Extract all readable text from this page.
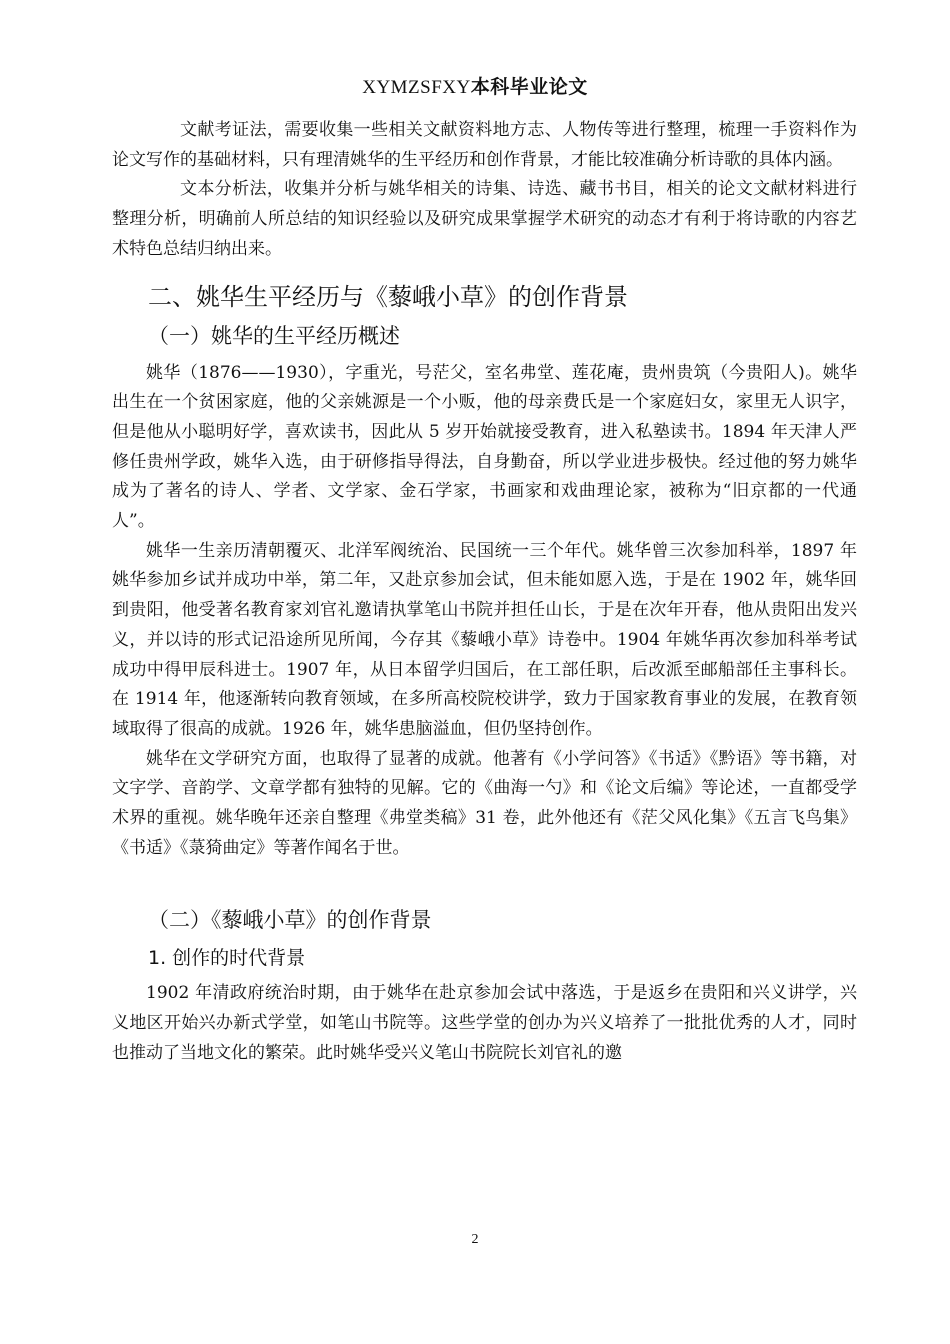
XYMZSFXY本科毕业论文

文献考证法，需要收集一些相关文献资料地方志、人物传等进行整理，梳理一手资料作为论文写作的基础材料，只有理清姚华的生平经历和创作背景，才能比较准确分析诗歌的具体内涵。

文本分析法，收集并分析与姚华相关的诗集、诗选、藏书书目，相关的论文文献材料进行整理分析，明确前人所总结的知识经验以及研究成果掌握学术研究的动态才有利于将诗歌的内容艺术特色总结归纳出来。

二、姚华生平经历与《藜峨小草》的创作背景
（一）姚华的生平经历概述

姚华（1876——1930），字重光，号茫父，室名弗堂、莲花庵，贵州贵筑（今贵阳人)。姚华出生在一个贫困家庭，他的父亲姚源是一个小贩，他的母亲费氏是一个家庭妇女，家里无人识字，但是他从小聪明好学，喜欢读书，因此从 5 岁开始就接受教育，进入私塾读书。1894 年天津人严修任贵州学政，姚华入选，由于研修指导得法，自身勤奋，所以学业进步极快。经过他的努力姚华成为了著名的诗人、学者、文学家、金石学家，书画家和戏曲理论家，被称为“旧京都的一代通人”。

姚华一生亲历清朝覆灭、北洋军阀统治、民国统一三个年代。姚华曾三次参加科举，1897 年姚华参加乡试并成功中举，第二年，又赴京参加会试，但未能如愿入选，于是在 1902 年，姚华回到贵阳，他受著名教育家刘官礼邀请执掌笔山书院并担任山长，于是在次年开春，他从贵阳出发兴义，并以诗的形式记沿途所见所闻，今存其《藜峨小草》诗卷中。1904 年姚华再次参加科举考试成功中得甲辰科进士。1907 年，从日本留学归国后，在工部任职，后改派至邮船部任主事科长。在 1914 年，他逐渐转向教育领域，在多所高校院校讲学，致力于国家教育事业的发展，在教育领域取得了很高的成就。1926 年，姚华患脑溢血，但仍坚持创作。

姚华在文学研究方面，也取得了显著的成就。他著有《小学问答》《书适》《黔语》等书籍，对文字学、音韵学、文章学都有独特的见解。它的《曲海一勺》和《论文后编》等论述，一直都受学术界的重视。姚华晚年还亲自整理《弗堂类稿》31 卷，此外他还有《茫父风化集》《五言飞鸟集》《书适》《菉猗曲定》等著作闻名于世。

（二）《藜峨小草》的创作背景
1. 创作的时代背景

1902 年清政府统治时期，由于姚华在赴京参加会试中落选，于是返乡在贵阳和兴义讲学，兴义地区开始兴办新式学堂，如笔山书院等。这些学堂的创办为兴义培养了一批批优秀的人才，同时也推动了当地文化的繁荣。此时姚华受兴义笔山书院院长刘官礼的邀

2
